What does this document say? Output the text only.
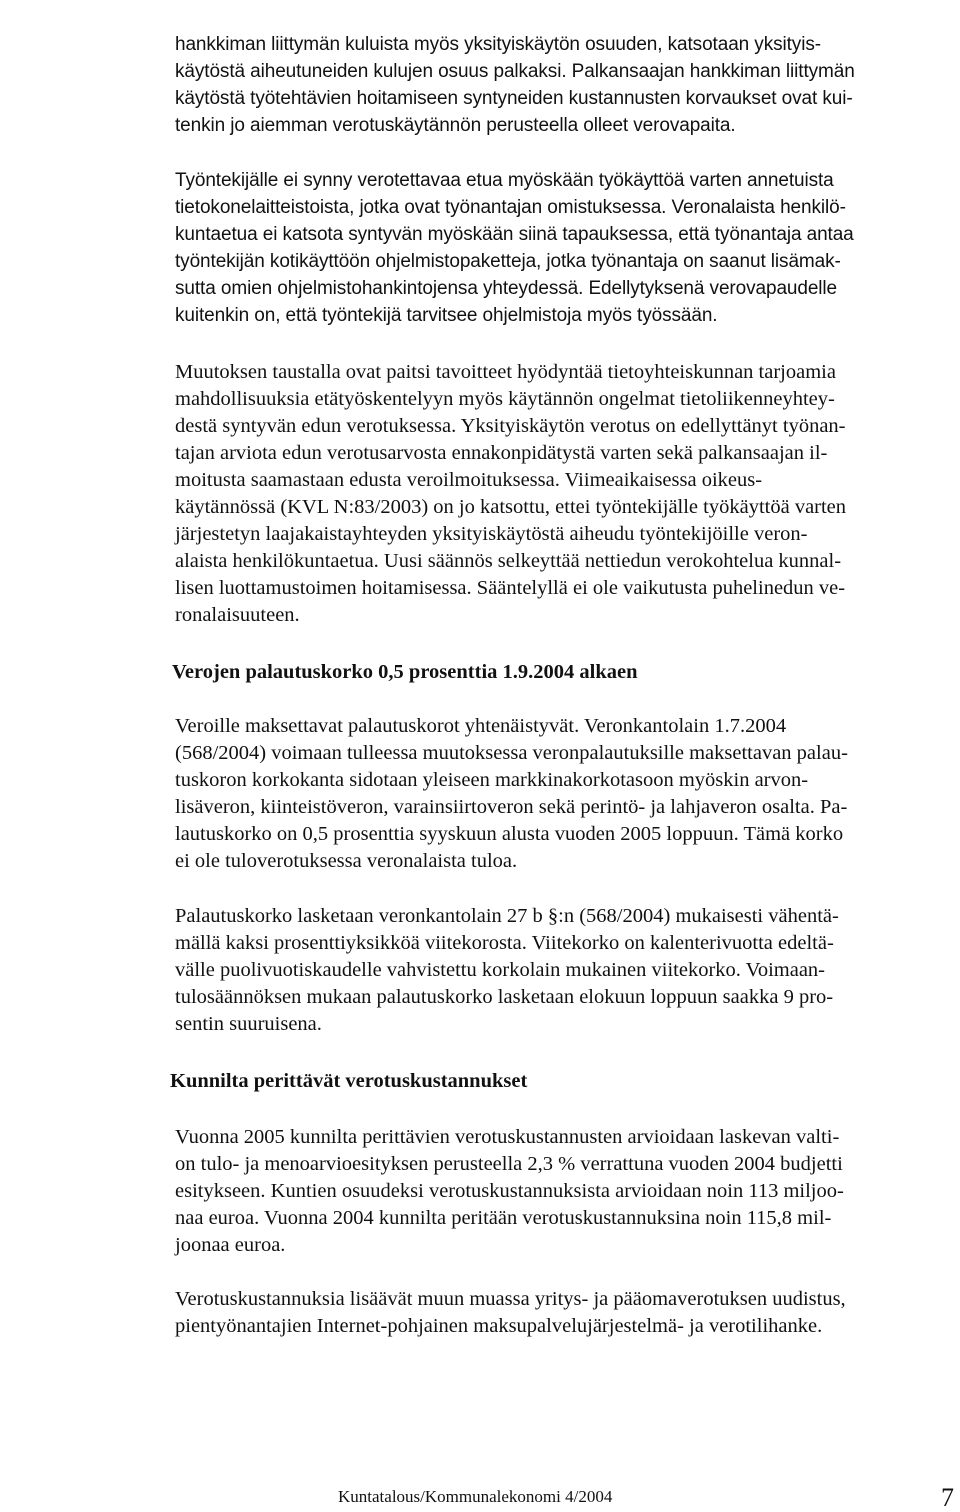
hankkiman liittymän kuluista myös yksityiskäytön osuuden, katsotaan yksityis-
käytöstä aiheutuneiden kulujen osuus palkaksi. Palkansaajan hankkiman liittymän
käytöstä työtehtävien hoitamiseen syntyneiden kustannusten korvaukset ovat kui-
tenkin jo aiemman verotuskäytännön perusteella olleet verovapaita.
Työntekijälle ei synny verotettavaa etua myöskään työkäyttöä varten annetuista
tietokonelaitteistoista, jotka ovat työnantajan omistuksessa. Veronalaista henkilö-
kuntaetua ei katsota syntyvän myöskään siinä tapauksessa, että työnantaja antaa
työntekijän kotikäyttöön ohjelmistopaketteja, jotka työnantaja on saanut lisämak-
sutta omien ohjelmistohankintojensa yhteydessä. Edellytyksenä verovapaudelle
kuitenkin on, että työntekijä tarvitsee ohjelmistoja myös työssään.
Muutoksen taustalla ovat paitsi tavoitteet hyödyntää tietoyhteiskunnan tarjoamia
mahdollisuuksia etätyöskentelyyn myös käytännön ongelmat tietoliikenneyhtey-
destä syntyvän edun verotuksessa. Yksityiskäytön verotus on edellyttänyt työnan-
tajan arviota edun verotusarvosta ennakonpidätystä varten sekä palkansaajan il-
moitusta saamastaan edusta veroilmoituksessa. Viimeaikaisessa oikeus-
käytännössä (KVL N:83/2003) on jo katsottu, ettei työntekijälle työkäyttöä varten
järjestetyn laajakaistayhteyden yksityiskäytöstä aiheudu työntekijöille veron-
alaista henkilökuntaetua. Uusi säännös selkeyttää nettiedun verokohtelua kunnal-
lisen luottamustoimen hoitamisessa. Sääntelyllä ei ole vaikutusta puhelinedun ve-
ronalaisuuteen.
Verojen palautuskorko 0,5 prosenttia 1.9.2004 alkaen
Veroille maksettavat palautuskorot yhtenäistyvät. Veronkantolain 1.7.2004
(568/2004) voimaan tulleessa muutoksessa veronpalautuksille maksettavan palau-
tuskoron korkokanta sidotaan yleiseen markkinakorkotasoon myöskin arvon-
lisäveron, kiinteistöveron, varainsiirtoveron sekä perintö- ja lahjaveron osalta. Pa-
lautuskorko on 0,5 prosenttia syyskuun alusta vuoden 2005 loppuun. Tämä korko
ei ole tuloverotuksessa veronalaista tuloa.
Palautuskorko lasketaan veronkantolain 27 b §:n (568/2004) mukaisesti vähentä-
mällä kaksi prosenttiyksikköä viitekorosta. Viitekorko on kalenterivuotta edeltä-
välle puolivuotiskaudelle vahvistettu korkolain mukainen viitekorko. Voimaan-
tulosäännöksen mukaan palautuskorko lasketaan elokuun loppuun saakka 9 pro-
sentin suuruisena.
Kunnilta perittävät verotuskustannukset
Vuonna 2005 kunnilta perittävien verotuskustannusten arvioidaan laskevan valti-
on tulo- ja menoarvioesityksen perusteella 2,3 % verrattuna vuoden 2004 budjetti
esitykseen. Kuntien osuudeksi verotuskustannuksista arvioidaan noin 113 miljoo-
naa euroa. Vuonna 2004 kunnilta peritään verotuskustannuksina noin 115,8 mil-
joonaa euroa.
Verotuskustannuksia lisäävät muun muassa yritys- ja pääomaverotuksen uudistus,
pientyönantajien Internet-pohjainen maksupalvelujärjestelmä- ja verotilihanke.
Kuntatalous/Kommunalekonomi 4/2004	7
